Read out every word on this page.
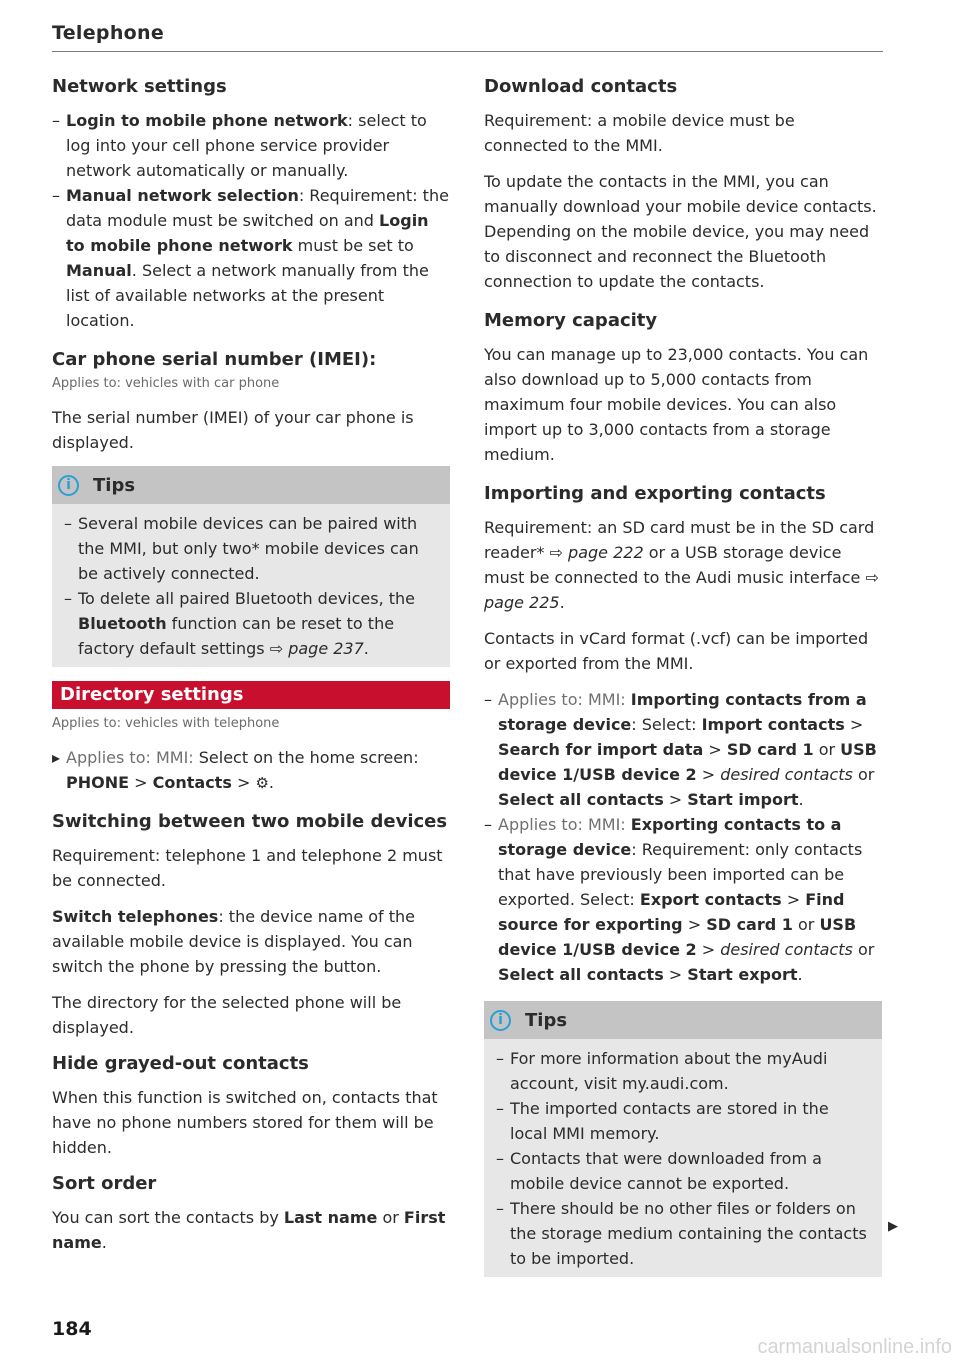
Telephone
Network settings
– Login to mobile phone network: select to log into your cell phone service provider network automatically or manually.
– Manual network selection: Requirement: the data module must be switched on and Login to mobile phone network must be set to Manual. Select a network manually from the list of available networks at the present location.
Car phone serial number (IMEI):
Applies to: vehicles with car phone

The serial number (IMEI) of your car phone is displayed.

i	Tips
– Several mobile devices can be paired with the MMI, but only two* mobile devices can be actively connected.
– To delete all paired Bluetooth devices, the Bluetooth function can be reset to the factory default settings ⇨ page 237.
Directory settings
Applies to: vehicles with telephone
▸ Applies to: MMI: Select on the home screen: PHONE > Contacts > ⚙.
Switching between two mobile devices

Requirement: telephone 1 and telephone 2 must be connected.

Switch telephones: the device name of the available mobile device is displayed. You can switch the phone by pressing the button.

The directory for the selected phone will be displayed.

Hide grayed-out contacts

When this function is switched on, contacts that have no phone numbers stored for them will be hidden.

Sort order

You can sort the contacts by Last name or First name.

Download contacts

Requirement: a mobile device must be connected to the MMI.

To update the contacts in the MMI, you can manually download your mobile device contacts. Depending on the mobile device, you may need to disconnect and reconnect the Bluetooth connection to update the contacts.

Memory capacity

You can manage up to 23,000 contacts. You can also download up to 5,000 contacts from maximum four mobile devices. You can also import up to 3,000 contacts from a storage medium.

Importing and exporting contacts

Requirement: an SD card must be in the SD card reader* ⇨ page 222 or a USB storage device must be connected to the Audi music interface ⇨ page 225.

Contacts in vCard format (.vcf) can be imported or exported from the MMI.

– Applies to: MMI: Importing contacts from a storage device: Select: Import contacts > Search for import data > SD card 1 or USB device 1/USB device 2 > desired contacts or Select all contacts > Start import.
– Applies to: MMI: Exporting contacts to a storage device: Requirement: only contacts that have previously been imported can be exported. Select: Export contacts > Find source for exporting > SD card 1 or USB device 1/USB device 2 > desired contacts or Select all contacts > Start export.
i	Tips
– For more information about the myAudi account, visit my.audi.com.
– The imported contacts are stored in the local MMI memory.
– Contacts that were downloaded from a mobile device cannot be exported.
– There should be no other files or folders on the storage medium containing the contacts to be imported.
▶
184
carmanualsonline.info
